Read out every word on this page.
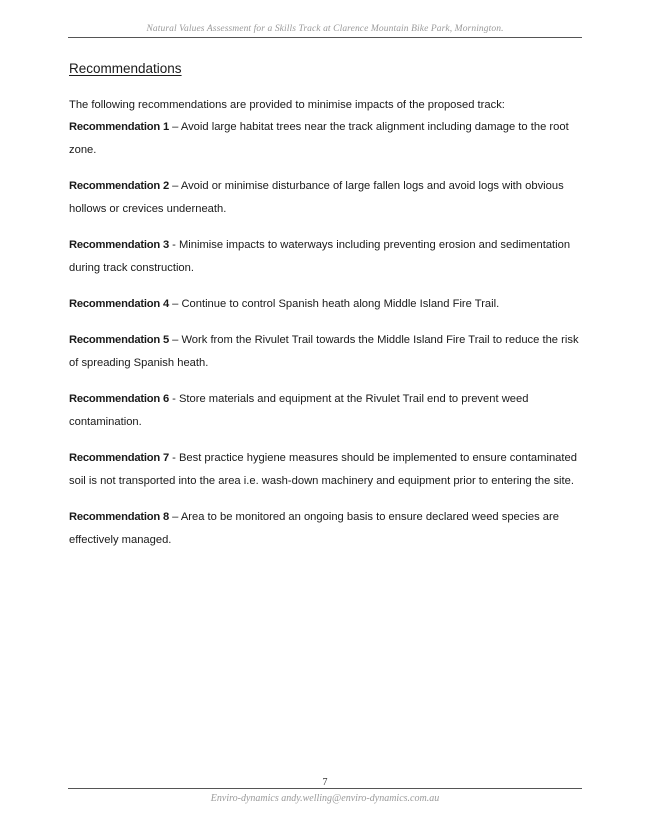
Natural Values Assessment for a Skills Track at Clarence Mountain Bike Park, Mornington.
Recommendations
The following recommendations are provided to minimise impacts of the proposed track:

Recommendation 1 – Avoid large habitat trees near the track alignment including damage to the root zone.

Recommendation 2 – Avoid or minimise disturbance of large fallen logs and avoid logs with obvious hollows or crevices underneath.

Recommendation 3 - Minimise impacts to waterways including preventing erosion and sedimentation during track construction.

Recommendation 4 – Continue to control Spanish heath along Middle Island Fire Trail.

Recommendation 5 – Work from the Rivulet Trail towards the Middle Island Fire Trail to reduce the risk of spreading Spanish heath.

Recommendation 6 - Store materials and equipment at the Rivulet Trail end to prevent weed contamination.

Recommendation 7 - Best practice hygiene measures should be implemented to ensure contaminated soil is not transported into the area i.e. wash-down machinery and equipment prior to entering the site.

Recommendation 8 – Area to be monitored an ongoing basis to ensure declared weed species are effectively managed.

7
Enviro-dynamics andy.welling@enviro-dynamics.com.au
